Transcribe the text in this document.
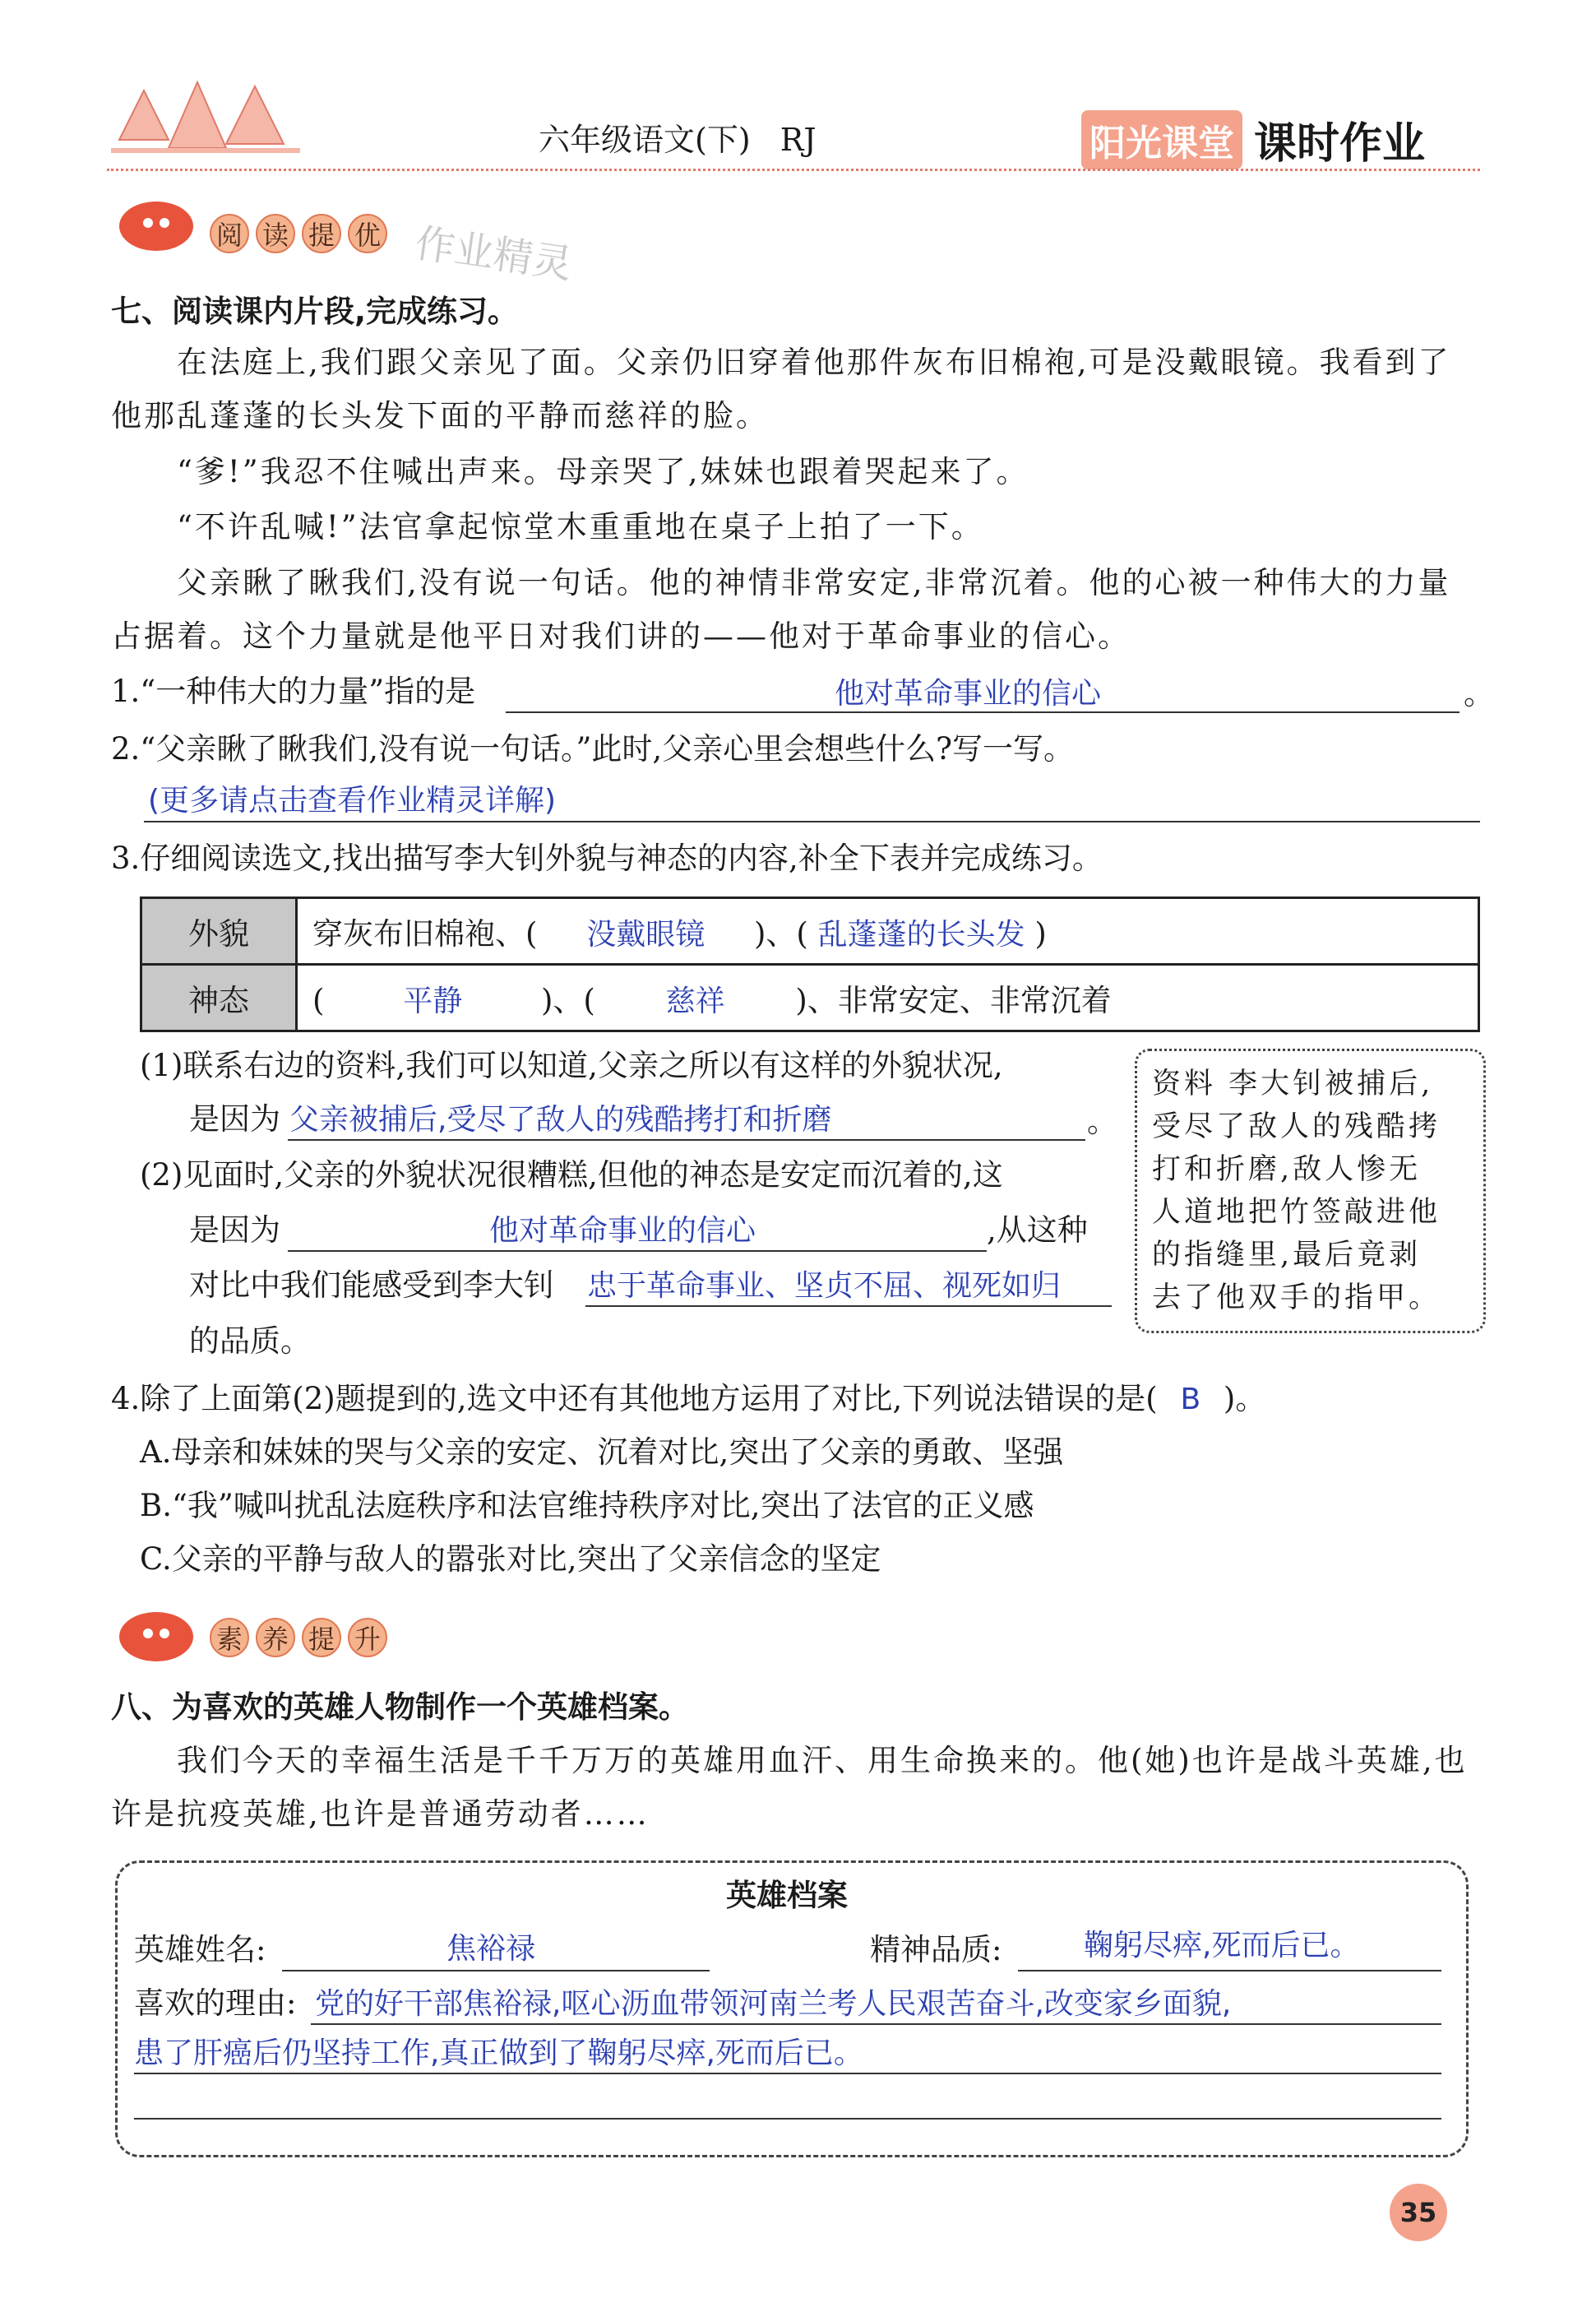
六年级语文(下) RJ	阳光课堂 课时作业
阅 读 提 优 作业精灵
七、阅读课内片段,完成练习。
在法庭上,我们跟父亲见了面。父亲仍旧穿着他那件灰布旧棉袍,可是没戴眼镜。我看到了
他那乱蓬蓬的长头发下面的平静而慈祥的脸。
“爹!”我忍不住喊出声来。母亲哭了,妹妹也跟着哭起来了。
“不许乱喊!”法官拿起惊堂木重重地在桌子上拍了一下。
父亲瞅了瞅我们,没有说一句话。他的神情非常安定,非常沉着。他的心被一种伟大的力量
占据着。这个力量就是他平日对我们讲的——他对于革命事业的信心。
1.“一种伟大的力量”指的是	他对革命事业的信心	。
2.“父亲瞅了瞅我们,没有说一句话。”此时,父亲心里会想些什么?写一写。
(更多请点击查看作业精灵详解)
3.仔细阅读选文,找出描写李大钊外貌与神态的内容,补全下表并完成练习。
外貌	穿灰布旧棉袍、( 没戴眼镜 )、( 乱蓬蓬的长头发 )
神态	( 平静 )、( 慈祥 )、非常安定、非常沉着
(1)联系右边的资料,我们可以知道,父亲之所以有这样的外貌状况,
是因为 父亲被捕后,受尽了敌人的残酷拷打和折磨	。
(2)见面时,父亲的外貌状况很糟糕,但他的神态是安定而沉着的,这
是因为	他对革命事业的信心	,从这种
对比中我们能感受到李大钊 忠于革命事业、坚贞不屈、视死如归
的品质。

资料 李大钊被捕后,

受尽了敌人的残酷拷

打和折磨,敌人惨无

人道地把竹签敲进他

的指缝里,最后竟剥

去了他双手的指甲。

4.除了上面第(2)题提到的,选文中还有其他地方运用了对比,下列说法错误的是( B )。
A.母亲和妹妹的哭与父亲的安定、沉着对比,突出了父亲的勇敢、坚强
B.“我”喊叫扰乱法庭秩序和法官维持秩序对比,突出了法官的正义感
C.父亲的平静与敌人的嚣张对比,突出了父亲信念的坚定
素 养 提 升
八、为喜欢的英雄人物制作一个英雄档案。
我们今天的幸福生活是千千万万的英雄用血汗、用生命换来的。他(她)也许是战斗英雄,也
许是抗疫英雄,也许是普通劳动者……
英雄档案
英雄姓名:	焦裕禄	精神品质:	鞠躬尽瘁,死而后已。
喜欢的理由: 党的好干部焦裕禄,呕心沥血带领河南兰考人民艰苦奋斗,改变家乡面貌,
患了肝癌后仍坚持工作,真正做到了鞠躬尽瘁,死而后已。
35
